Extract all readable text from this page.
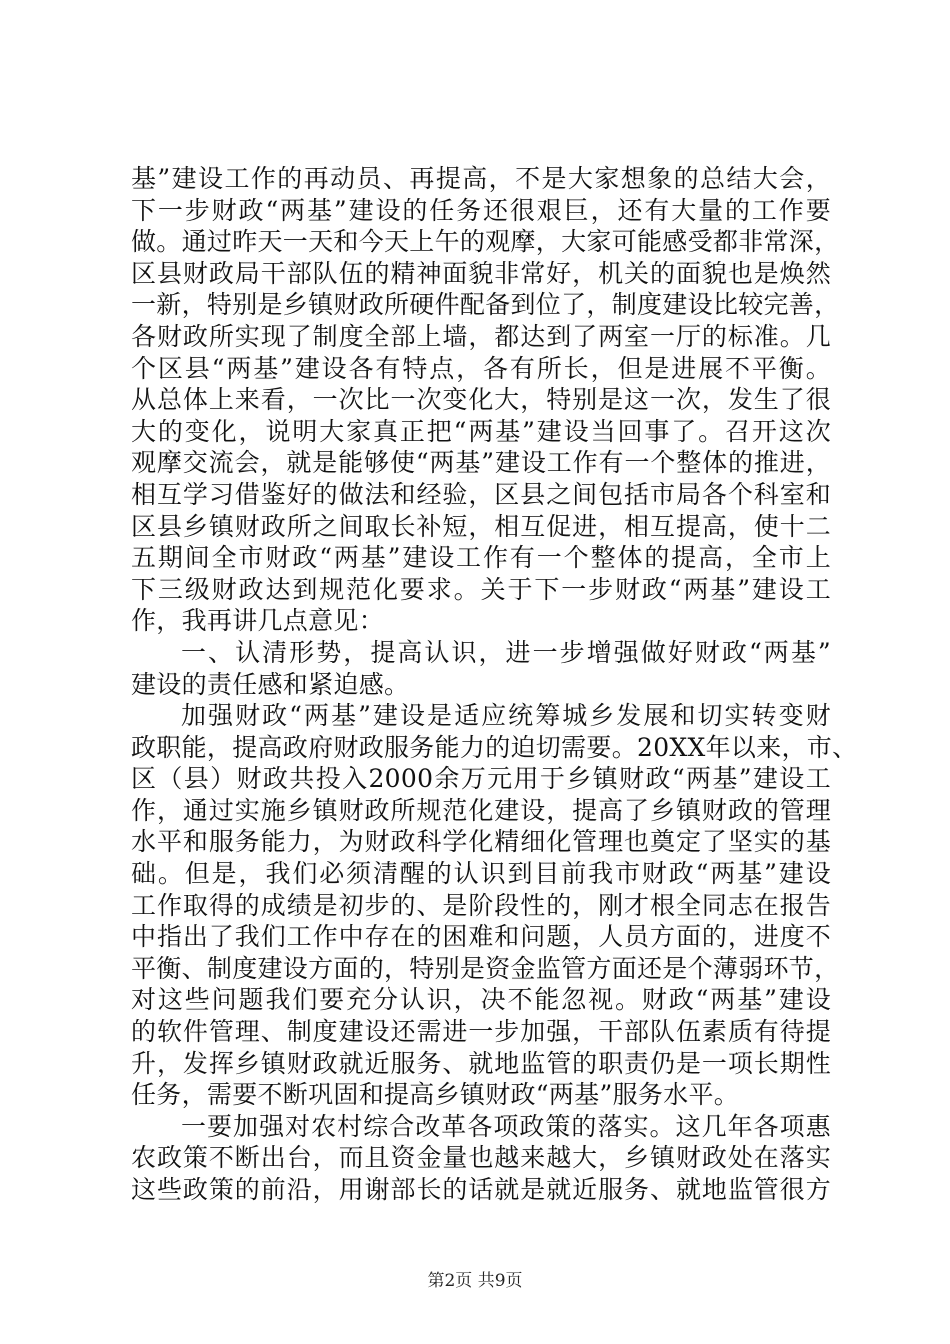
基”建设工作的再动员、再提高，不是大家想象的总结大会，
下一步财政“两基”建设的任务还很艰巨，还有大量的工作要
做。通过昨天一天和今天上午的观摩，大家可能感受都非常深，
区县财政局干部队伍的精神面貌非常好，机关的面貌也是焕然
一新，特别是乡镇财政所硬件配备到位了，制度建设比较完善，
各财政所实现了制度全部上墙，都达到了两室一厅的标准。几
个区县“两基”建设各有特点，各有所长，但是进展不平衡。
从总体上来看，一次比一次变化大，特别是这一次，发生了很
大的变化，说明大家真正把“两基”建设当回事了。召开这次
观摩交流会，就是能够使“两基”建设工作有一个整体的推进，
相互学习借鉴好的做法和经验，区县之间包括市局各个科室和
区县乡镇财政所之间取长补短，相互促进，相互提高，使十二
五期间全市财政“两基”建设工作有一个整体的提高，全市上
下三级财政达到规范化要求。关于下一步财政“两基”建设工
作，我再讲几点意见：
一、认清形势，提高认识，进一步增强做好财政“两基”
建设的责任感和紧迫感。
加强财政“两基”建设是适应统筹城乡发展和切实转变财
政职能，提高政府财政服务能力的迫切需要。20XX年以来，市、
区（县）财政共投入2000余万元用于乡镇财政“两基”建设工
作，通过实施乡镇财政所规范化建设，提高了乡镇财政的管理
水平和服务能力，为财政科学化精细化管理也奠定了坚实的基
础。但是，我们必须清醒的认识到目前我市财政“两基”建设
工作取得的成绩是初步的、是阶段性的，刚才根全同志在报告
中指出了我们工作中存在的困难和问题，人员方面的，进度不
平衡、制度建设方面的，特别是资金监管方面还是个薄弱环节，
对这些问题我们要充分认识，决不能忽视。财政“两基”建设
的软件管理、制度建设还需进一步加强，干部队伍素质有待提
升，发挥乡镇财政就近服务、就地监管的职责仍是一项长期性
任务，需要不断巩固和提高乡镇财政“两基”服务水平。
一要加强对农村综合改革各项政策的落实。这几年各项惠
农政策不断出台，而且资金量也越来越大，乡镇财政处在落实
这些政策的前沿，用谢部长的话就是就近服务、就地监管很方
第2页 共9页
